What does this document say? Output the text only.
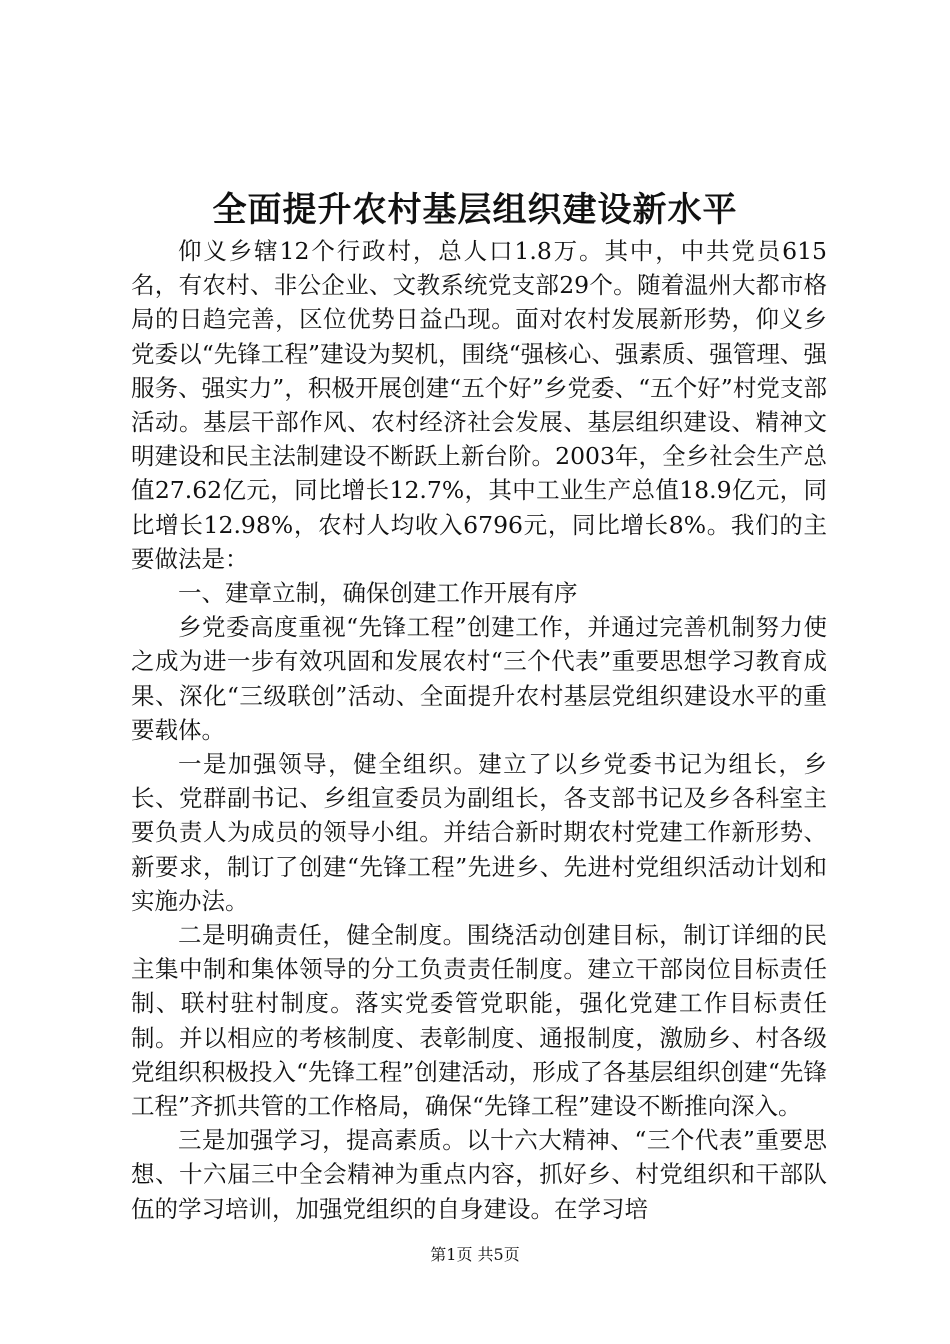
全面提升农村基层组织建设新水平

仰义乡辖12个行政村，总人口1.8万。其中，中共党员615名，有农村、非公企业、文教系统党支部29个。随着温州大都市格局的日趋完善，区位优势日益凸现。面对农村发展新形势，仰义乡党委以“先锋工程”建设为契机，围绕“强核心、强素质、强管理、强服务、强实力”，积极开展创建“五个好”乡党委、“五个好”村党支部活动。基层干部作风、农村经济社会发展、基层组织建设、精神文明建设和民主法制建设不断跃上新台阶。2003年，全乡社会生产总值27.62亿元，同比增长12.7%，其中工业生产总值18.9亿元，同比增长12.98%，农村人均收入6796元，同比增长8%。我们的主要做法是：

一、建章立制，确保创建工作开展有序

乡党委高度重视“先锋工程”创建工作，并通过完善机制努力使之成为进一步有效巩固和发展农村“三个代表”重要思想学习教育成果、深化“三级联创”活动、全面提升农村基层党组织建设水平的重要载体。

一是加强领导，健全组织。建立了以乡党委书记为组长，乡长、党群副书记、乡组宣委员为副组长，各支部书记及乡各科室主要负责人为成员的领导小组。并结合新时期农村党建工作新形势、新要求，制订了创建“先锋工程”先进乡、先进村党组织活动计划和实施办法。

二是明确责任，健全制度。围绕活动创建目标，制订详细的民主集中制和集体领导的分工负责责任制度。建立干部岗位目标责任制、联村驻村制度。落实党委管党职能，强化党建工作目标责任制。并以相应的考核制度、表彰制度、通报制度，激励乡、村各级党组织积极投入“先锋工程”创建活动，形成了各基层组织创建“先锋工程”齐抓共管的工作格局，确保“先锋工程”建设不断推向深入。

三是加强学习，提高素质。以十六大精神、“三个代表”重要思想、十六届三中全会精神为重点内容，抓好乡、村党组织和干部队伍的学习培训，加强党组织的自身建设。在学习培

第1页 共5页
